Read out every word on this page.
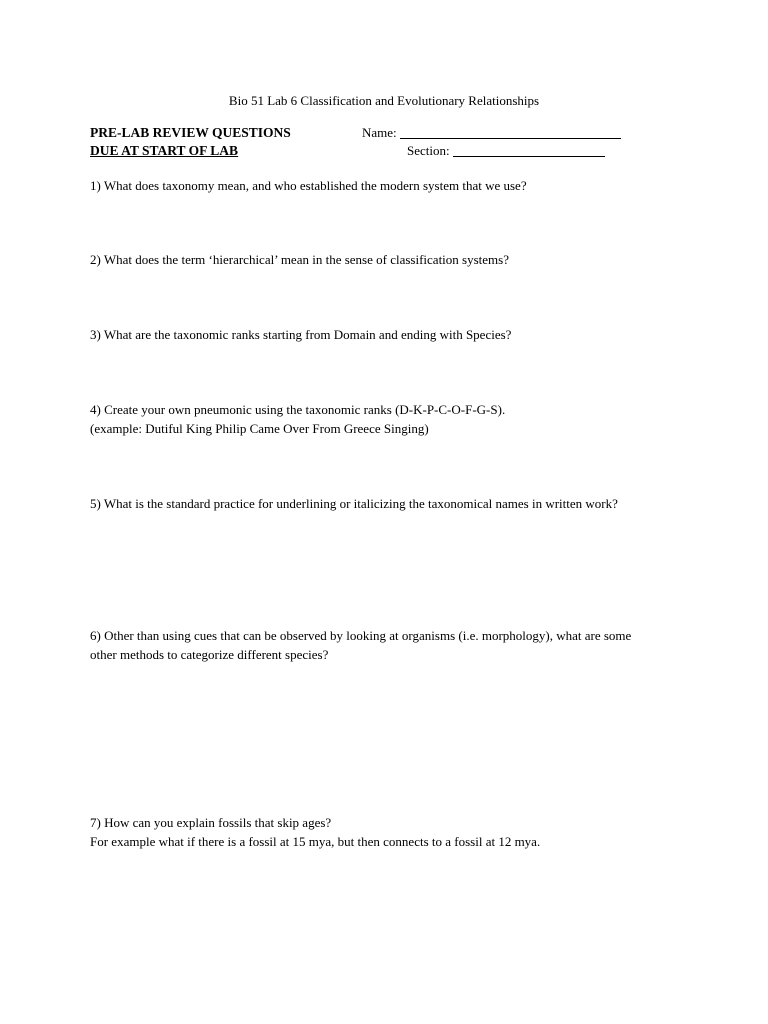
Bio 51 Lab 6 Classification and Evolutionary Relationships
PRE-LAB REVIEW QUESTIONS
DUE AT START OF LAB
Name:
Section:
1) What does taxonomy mean, and who established the modern system that we use?
2) What does the term ‘hierarchical’ mean in the sense of classification systems?
3) What are the taxonomic ranks starting from Domain and ending with Species?
4) Create your own pneumonic using the taxonomic ranks (D-K-P-C-O-F-G-S).
(example: Dutiful King Philip Came Over From Greece Singing)
5) What is the standard practice for underlining or italicizing the taxonomical names in written work?
6) Other than using cues that can be observed by looking at organisms (i.e. morphology), what are some
other methods to categorize different species?
7) How can you explain fossils that skip ages?
For example what if there is a fossil at 15 mya, but then connects to a fossil at 12 mya.
